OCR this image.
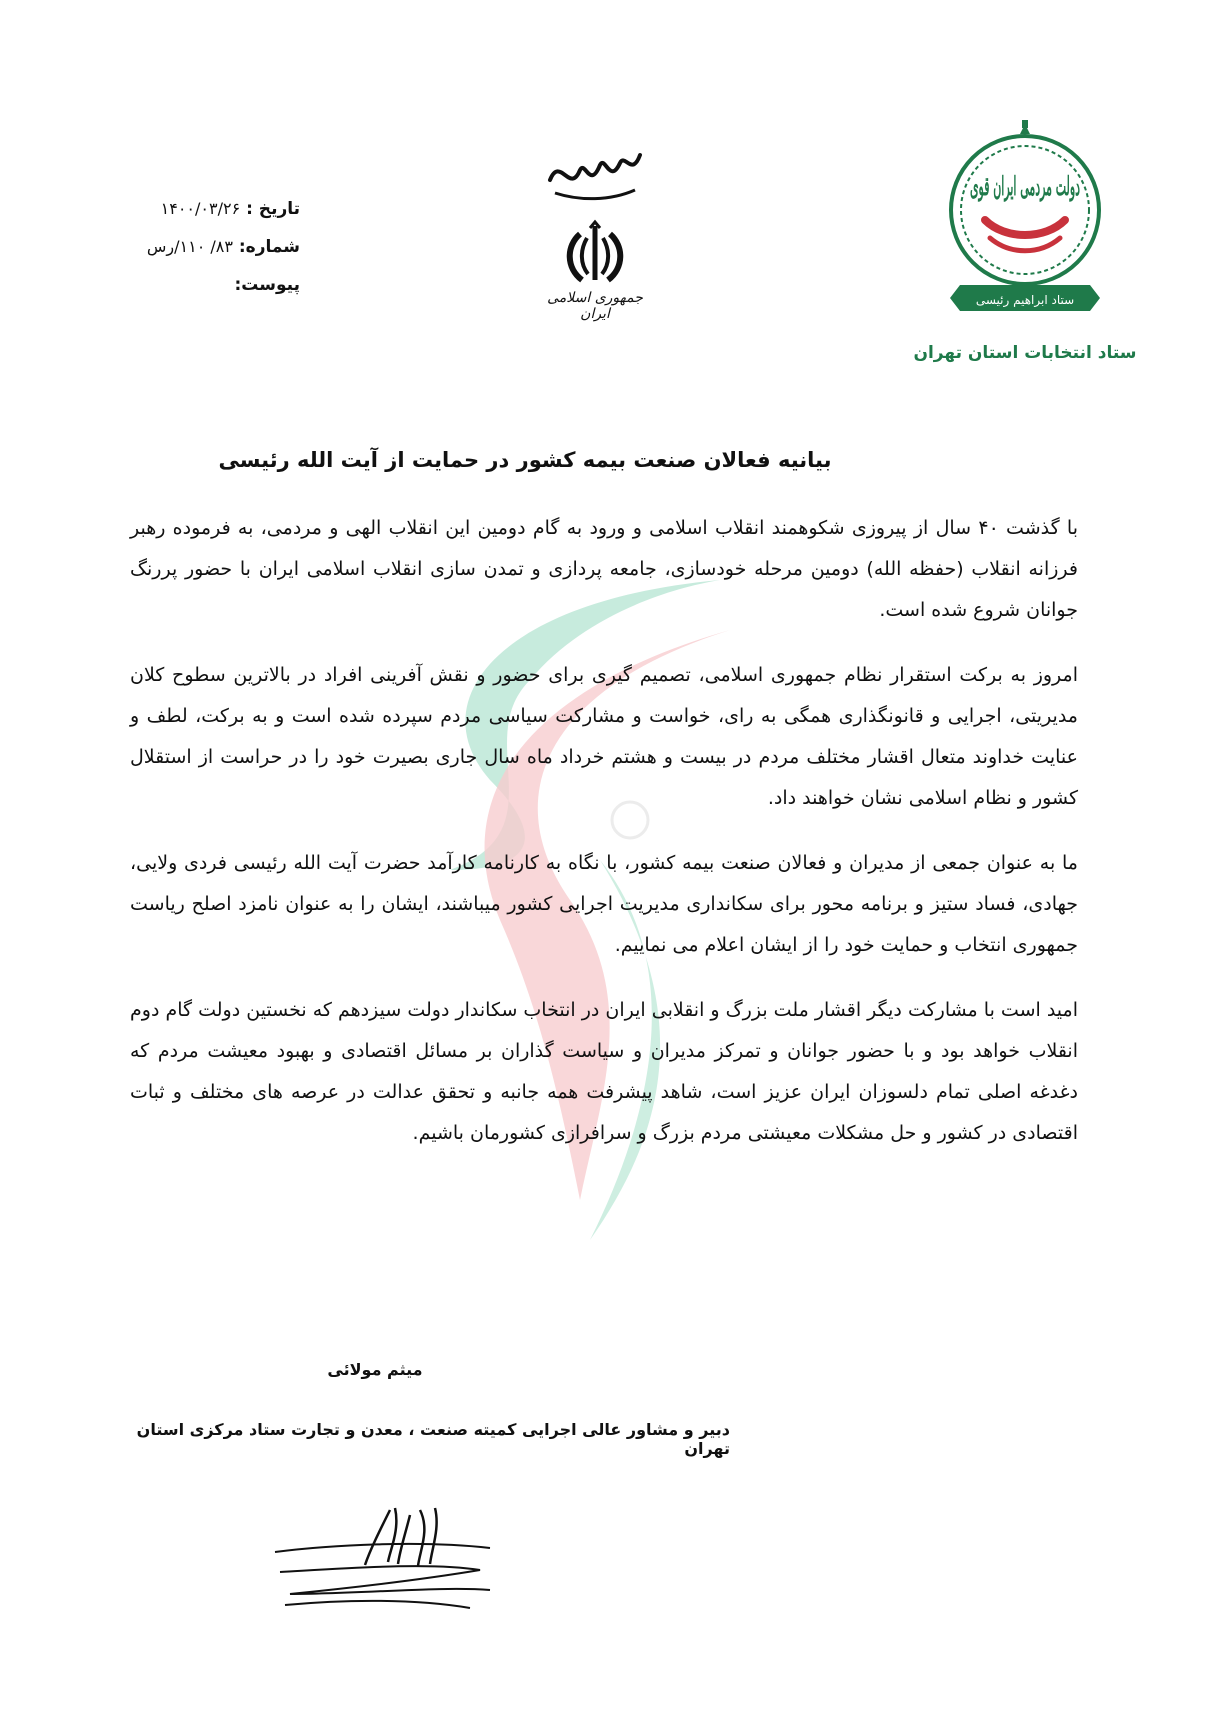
تاریخ : ۱۴۰۰/۰۳/۲۶
شماره: ۸۳/ ۱۱۰/رس
پیوست:
جمهوری اسلامی ایران
دولت مردمی ایران قوی
ستاد ابراهیم رئیسی
ستاد انتخابات استان تهران
بیانیه فعالان صنعت بیمه کشور در حمایت از آیت الله رئیسی

با گذشت ۴۰ سال از پیروزی شکوهمند انقلاب اسلامی و ورود به گام دومین این انقلاب الهی و مردمی، به فرموده رهبر فرزانه انقلاب (حفظه الله) دومین مرحله خودسازی، جامعه پردازی و تمدن سازی انقلاب اسلامی ایران با حضور پررنگ جوانان شروع شده است.

امروز به برکت استقرار نظام جمهوری اسلامی، تصمیم گیری برای حضور و نقش آفرینی افراد در بالاترین سطوح کلان مدیریتی، اجرایی و قانونگذاری همگی به رای، خواست و مشارکت سیاسی مردم سپرده شده است و به برکت، لطف و عنایت خداوند متعال اقشار مختلف مردم در بیست و هشتم خرداد ماه سال جاری بصیرت خود را در حراست از استقلال کشور و نظام اسلامی نشان خواهند داد.

ما به عنوان جمعی از مدیران و فعالان صنعت بیمه کشور، با نگاه به کارنامه کارآمد حضرت آیت الله رئیسی فردی ولایی، جهادی، فساد ستیز و برنامه محور برای سکانداری مدیریت اجرایی کشور میباشند، ایشان را به عنوان نامزد اصلح ریاست جمهوری انتخاب و حمایت خود را از ایشان اعلام می نماییم.

امید است با مشارکت دیگر اقشار ملت بزرگ و انقلابی ایران در انتخاب سکاندار دولت سیزدهم که نخستین دولت گام دوم انقلاب خواهد بود و با حضور جوانان و تمرکز مدیران و سیاست گذاران بر مسائل اقتصادی و بهبود معیشت مردم که دغدغه اصلی تمام دلسوزان ایران عزیز است، شاهد پیشرفت همه جانبه و تحقق عدالت در عرصه های مختلف و ثبات اقتصادی در کشور و حل مشکلات معیشتی مردم بزرگ و سرافرازی کشورمان باشیم.

میثم مولائی
دبیر و مشاور عالی اجرایی کمیته صنعت ، معدن و تجارت ستاد مرکزی استان تهران
